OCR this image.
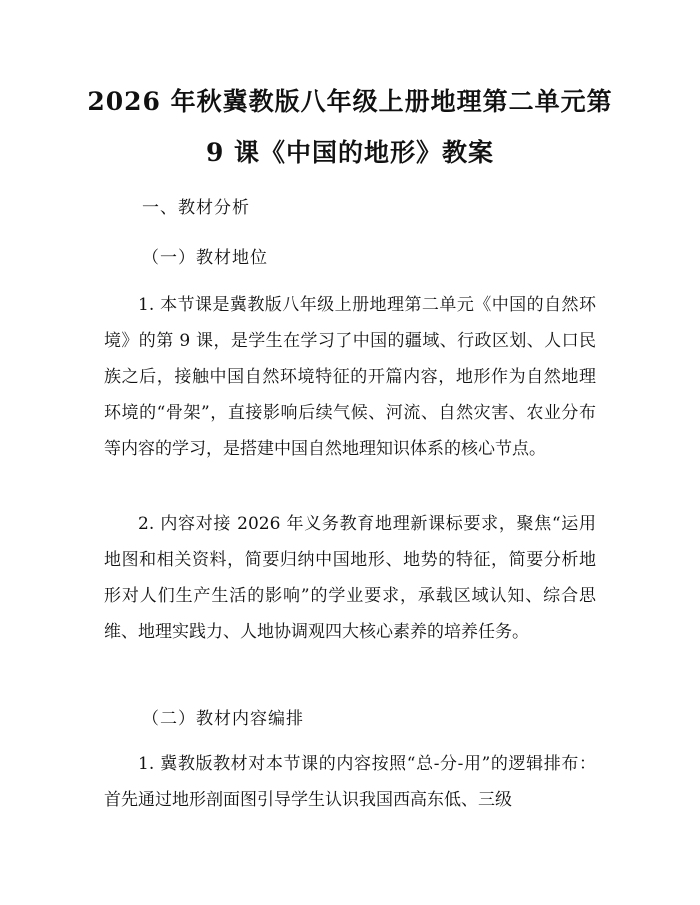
2026 年秋冀教版八年级上册地理第二单元第
9 课《中国的地形》教案
一、教材分析
（一）教材地位
1. 本节课是冀教版八年级上册地理第二单元《中国的自然环境》的第 9 课，是学生在学习了中国的疆域、行政区划、人口民族之后，接触中国自然环境特征的开篇内容，地形作为自然地理环境的“骨架”，直接影响后续气候、河流、自然灾害、农业分布等内容的学习，是搭建中国自然地理知识体系的核心节点。
2. 内容对接 2026 年义务教育地理新课标要求，聚焦“运用地图和相关资料，简要归纳中国地形、地势的特征，简要分析地形对人们生产生活的影响”的学业要求，承载区域认知、综合思维、地理实践力、人地协调观四大核心素养的培养任务。
（二）教材内容编排
1. 冀教版教材对本节课的内容按照“总-分-用”的逻辑排布：首先通过地形剖面图引导学生认识我国西高东低、三级
